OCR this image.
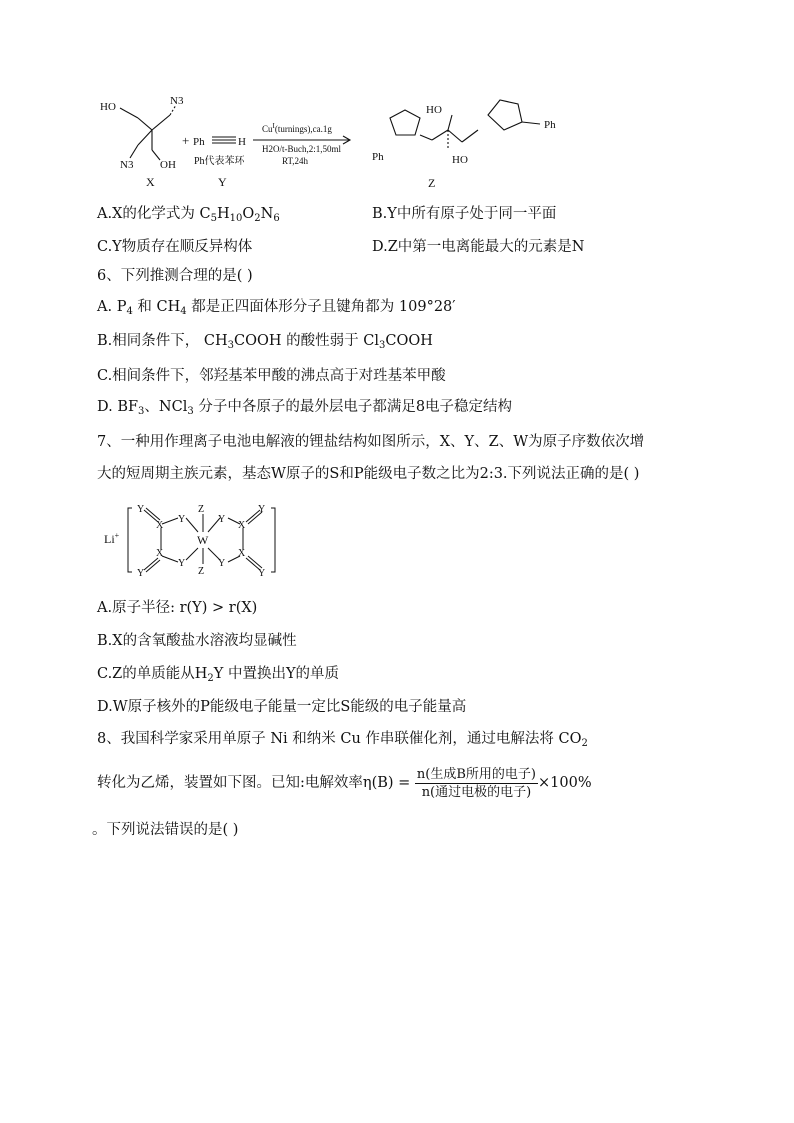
HO	N3
N3 OH
X
+ Ph	H
Ph代表苯环
Y
$Cu^I(turnings),ca.1g$
H2O/t-Buch,2:1,50ml
RT,24h
HO
HO
Ph
Ph
Z
A.X的化学式为 $C_5H_{10}O_2N_6$	B.Y中所有原子处于同一平面
C.Y物质存在顺反异构体	D.Z中第一电离能最大的元素是N
6、下列推测合理的是( )
A. $P_4$ 和 $CH_4$ 都是正四面体形分子且键角都为 109°28′
B.相同条件下， $CH_3COOH$ 的酸性弱于 $Cl_3COOH$
C.相间条件下，邻羟基苯甲酸的沸点高于对珄基苯甲酸
D. $BF_3$、NCl$_3$ 分子中各原子的最外层电子都满足8电子稳定结构
7、一种用作理离子电池电解液的锂盐结构如图所示，X、Y、Z、W为原子序数依次增
大的短周期主族元素，基态W原子的S和P能级电子数之比为2:3.下列说法正确的是( )
Li+
Y
X
Y
Z
W
X
Y
Y	Z
Y
X
Y
Y
X
Y
A.原子半径: r(Y) > r(X)
B.X的含氧酸盐水溶液均显碱性
C.Z的单质能从$H_2Y$ 中置换出Y的单质
D.W原子核外的P能级电子能量一定比S能级的电子能量高
8、我国科学家采用单原子 Ni 和纳米 Cu 作串联催化剂，通过电解法将 $CO_2$
转化为乙烯，装置如下图。已知:电解效率$\eta(B) = \frac{\text{n(生成B所用的电子)}}{\text{n(通过电极的电子)}} \times 100\%$
。下列说法错误的是( )
